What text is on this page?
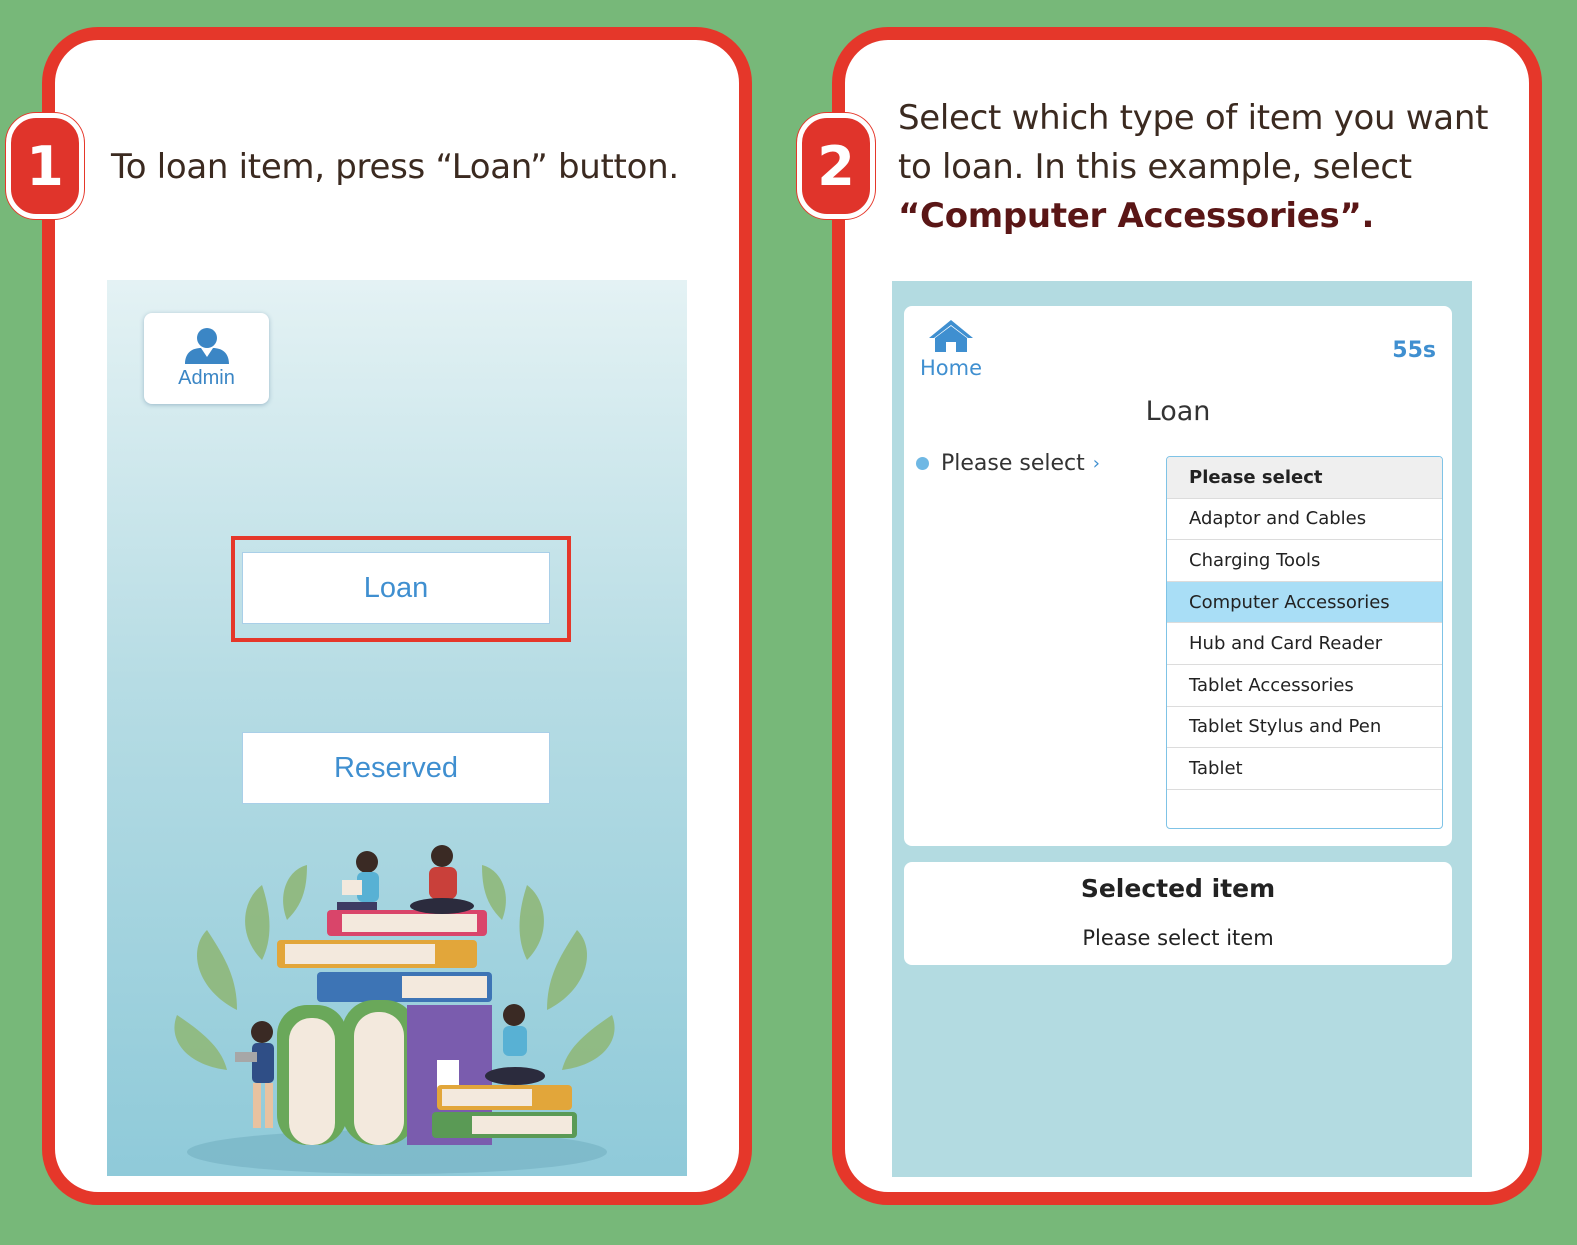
1	To loan item, press “Loan” button.
Admin
Loan
Reserved
2
Select which type of item you want to loan. In this example, select
“Computer Accessories”.
Home
55s
Loan
Please select ›
Please select
Adaptor and Cables
Charging Tools
Computer Accessories
Hub and Card Reader
Tablet Accessories
Tablet Stylus and Pen
Tablet
Selected item
Please select item
